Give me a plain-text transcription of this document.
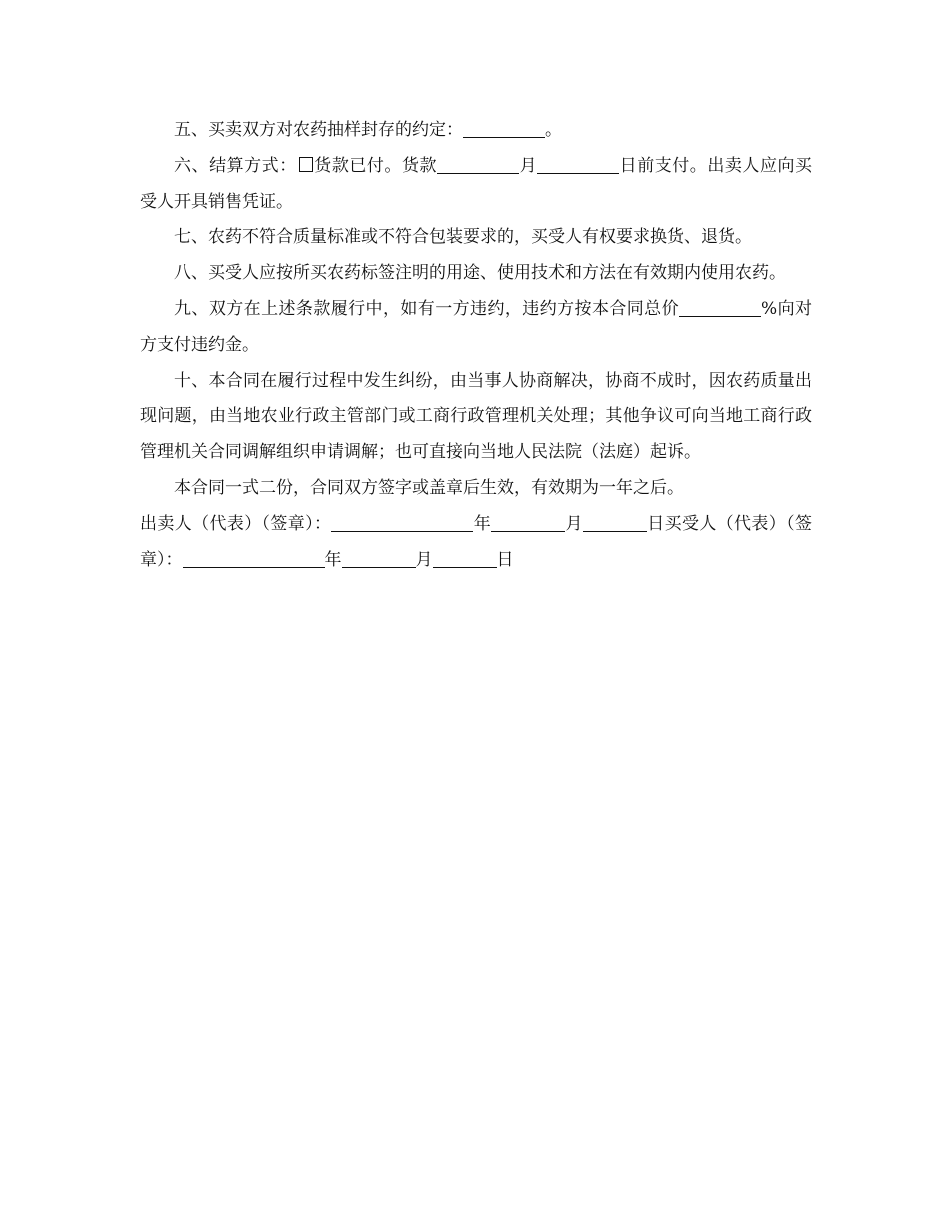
五、买卖双方对农药抽样封存的约定：	。

六、结算方式： 货款已付。货款	月	日前支付。出卖人应向买受人开具销售凭证。

七、农药不符合质量标准或不符合包装要求的，买受人有权要求换货、退货。

八、买受人应按所买农药标签注明的用途、使用技术和方法在有效期内使用农药。

九、双方在上述条款履行中，如有一方违约，违约方按本合同总价	%向对方支付违约金。

十、本合同在履行过程中发生纠纷，由当事人协商解决，协商不成时，因农药质量出现问题，由当地农业行政主管部门或工商行政管理机关处理；其他争议可向当地工商行政管理机关合同调解组织申请调解；也可直接向当地人民法院（法庭）起诉。

本合同一式二份，合同双方签字或盖章后生效，有效期为一年之后。

出卖人（代表）（签章）：	年	月	日买受人（代表）（签章）：	年	月	日
